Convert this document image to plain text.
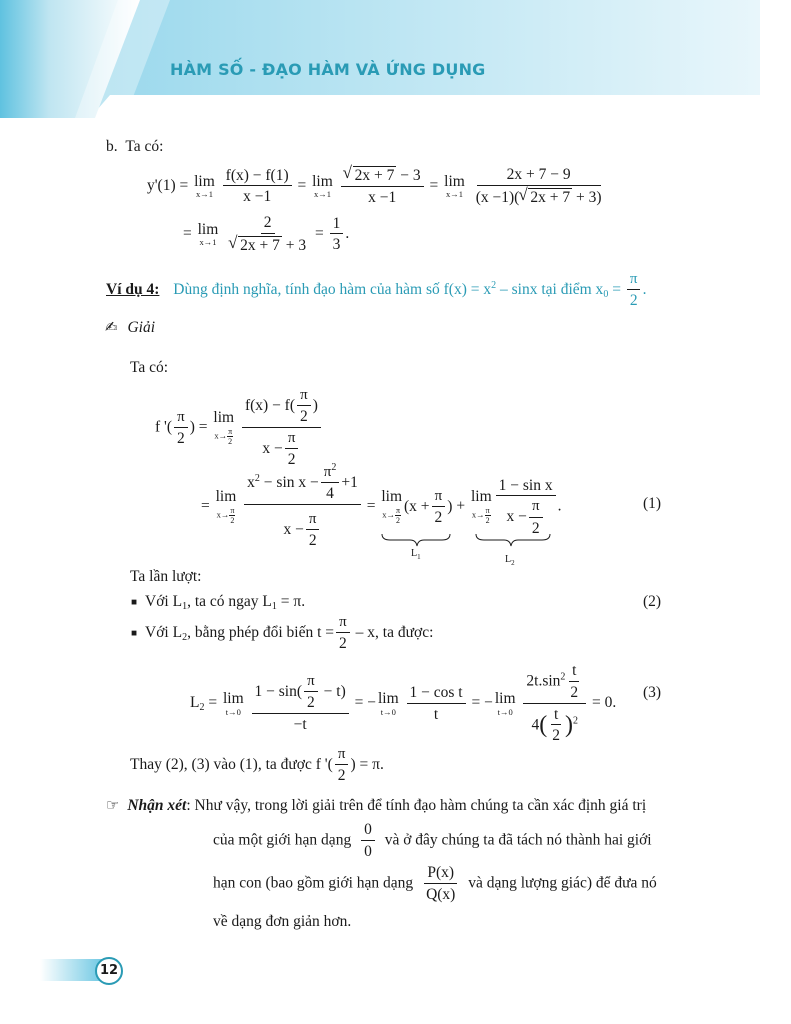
HÀM SỐ - ĐẠO HÀM VÀ ỨNG DỤNG
b. Ta có:
y'(1) = lim
x→1
$\frac{f(x) - f(1)}{x -1} = \lim$
x→1
√ $\frac{2x + 7 - 3}{x -1} = \lim$
x→1
$\frac{2x + 7 - 9}{(x -1)( √ 2x + 7 + 3)}$
= lim
x→1
2
√ $2x + 7 + 3 = \frac{1}{3}$ .
Ví dụ 4: Dùng định nghĩa, tính đạo hàm của hàm số $f(x) = x^2 - \sin x$ tại điểm $x_0 = \frac{\pi}{2}$ .
✍ Giải
Ta có:
f '( $\frac{\pi}{2}$ ) =
lim
$x\to \frac{\pi}{2}$
$\frac{f(x) - f( \frac{\pi}{2} )}{x - \frac{\pi}{2}}$
=
lim
$x\to \frac{\pi}{2}$
$\frac{x^2 - \sin x - \frac{\pi^2}{4} +1}{x - \frac{\pi}{2}}$ =
lim
$x\to \frac{\pi}{2} (x + \frac{\pi}{2}$ ) +
lim
$x\to \frac{\pi}{2} \frac{\text{1 − sin x}}{x - \frac{\pi}{2}}$ .
$L_1$	$L_2$
(1)
Ta lần lượt:
■ Với $L_1$, ta có ngay $L_1 = \pi$.	(2)
■ Với $L_2$, bằng phép đổi biến $t = \frac{\pi}{2} - x$, ta được:
$L_2 = \lim$
t→0
$\frac{1 - \sin( \frac{\pi}{2} - t)}{-t}$ = − lim
t→0
$\frac{\text{1 − cos t}}{t}$ = − lim
t→0
$\frac{2t.\sin^2 \frac{t}{2}}{4( \frac{t}{2} )^2} = 0$.
(3)
Thay (2), (3) vào (1), ta được f '( $\frac{\pi}{2}$ ) = π.
☞ Nhận xét: Như vậy, trong lời giải trên để tính đạo hàm chúng ta cần xác định giá trị
của một giới hạn dạng $\frac{0}{0}$ và ở đây chúng ta đã tách nó thành hai giới
hạn con (bao gồm giới hạn dạng $\frac{P(x)}{Q(x)}$ và dạng lượng giác) để đưa nó
về dạng đơn giản hơn.
12
